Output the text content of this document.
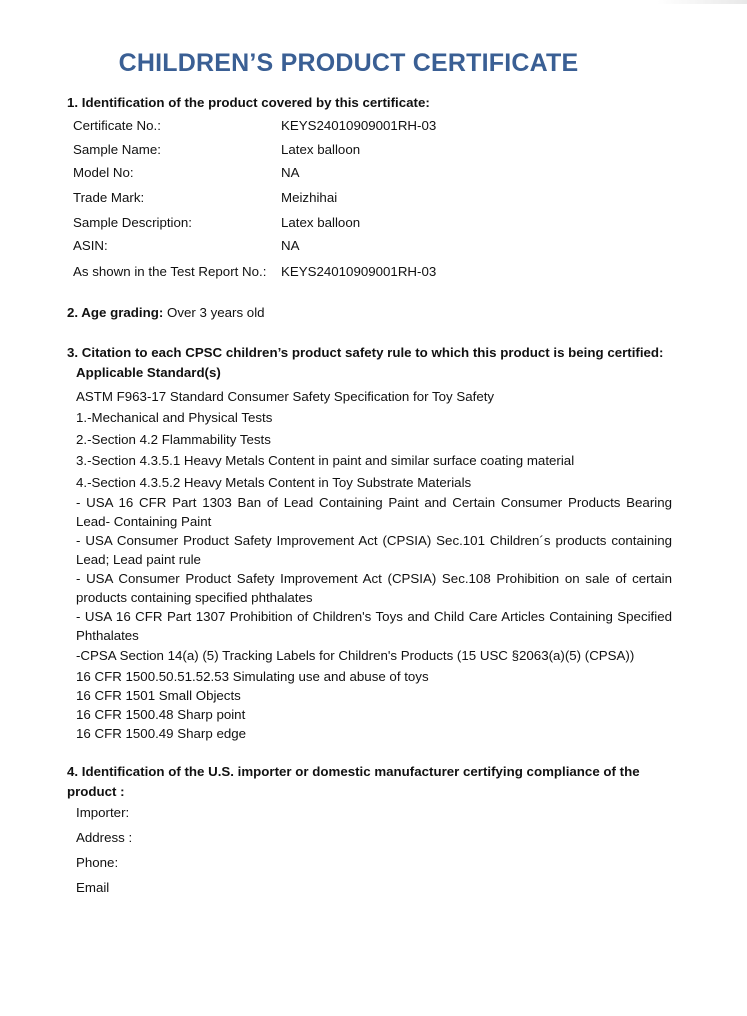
CHILDREN’S PRODUCT CERTIFICATE
1. Identification of the product covered by this certificate:
Certificate No.:	KEYS24010909001RH-03
Sample Name:	Latex balloon
Model No:	NA
Trade Mark:	Meizhihai
Sample Description:	Latex balloon
ASIN:	NA
As shown in the Test Report No.: KEYS24010909001RH-03
2. Age grading: Over 3 years old
3. Citation to each CPSC children’s product safety rule to which this product is being certified:
Applicable Standard(s)
ASTM F963-17 Standard Consumer Safety Specification for Toy Safety
1.-Mechanical and Physical Tests
2.-Section 4.2 Flammability Tests
3.-Section 4.3.5.1 Heavy Metals Content in paint and similar surface coating material
4.-Section 4.3.5.2 Heavy Metals Content in Toy Substrate Materials
- USA 16 CFR Part 1303 Ban of Lead Containing Paint and Certain Consumer Products Bearing Lead- Containing Paint
- USA Consumer Product Safety Improvement Act (CPSIA) Sec.101 Children´s products containing Lead; Lead paint rule
- USA Consumer Product Safety Improvement Act (CPSIA) Sec.108 Prohibition on sale of certain products containing specified phthalates
- USA 16 CFR Part 1307 Prohibition of Children's Toys and Child Care Articles Containing Specified Phthalates
-CPSA Section 14(a) (5) Tracking Labels for Children's Products (15 USC §2063(a)(5) (CPSA))
16 CFR 1500.50.51.52.53 Simulating use and abuse of toys
16 CFR 1501 Small Objects
16 CFR 1500.48 Sharp point
16 CFR 1500.49 Sharp edge
4. Identification of the U.S. importer or domestic manufacturer certifying compliance of the product :
Importer:
Address :
Phone:
Email
